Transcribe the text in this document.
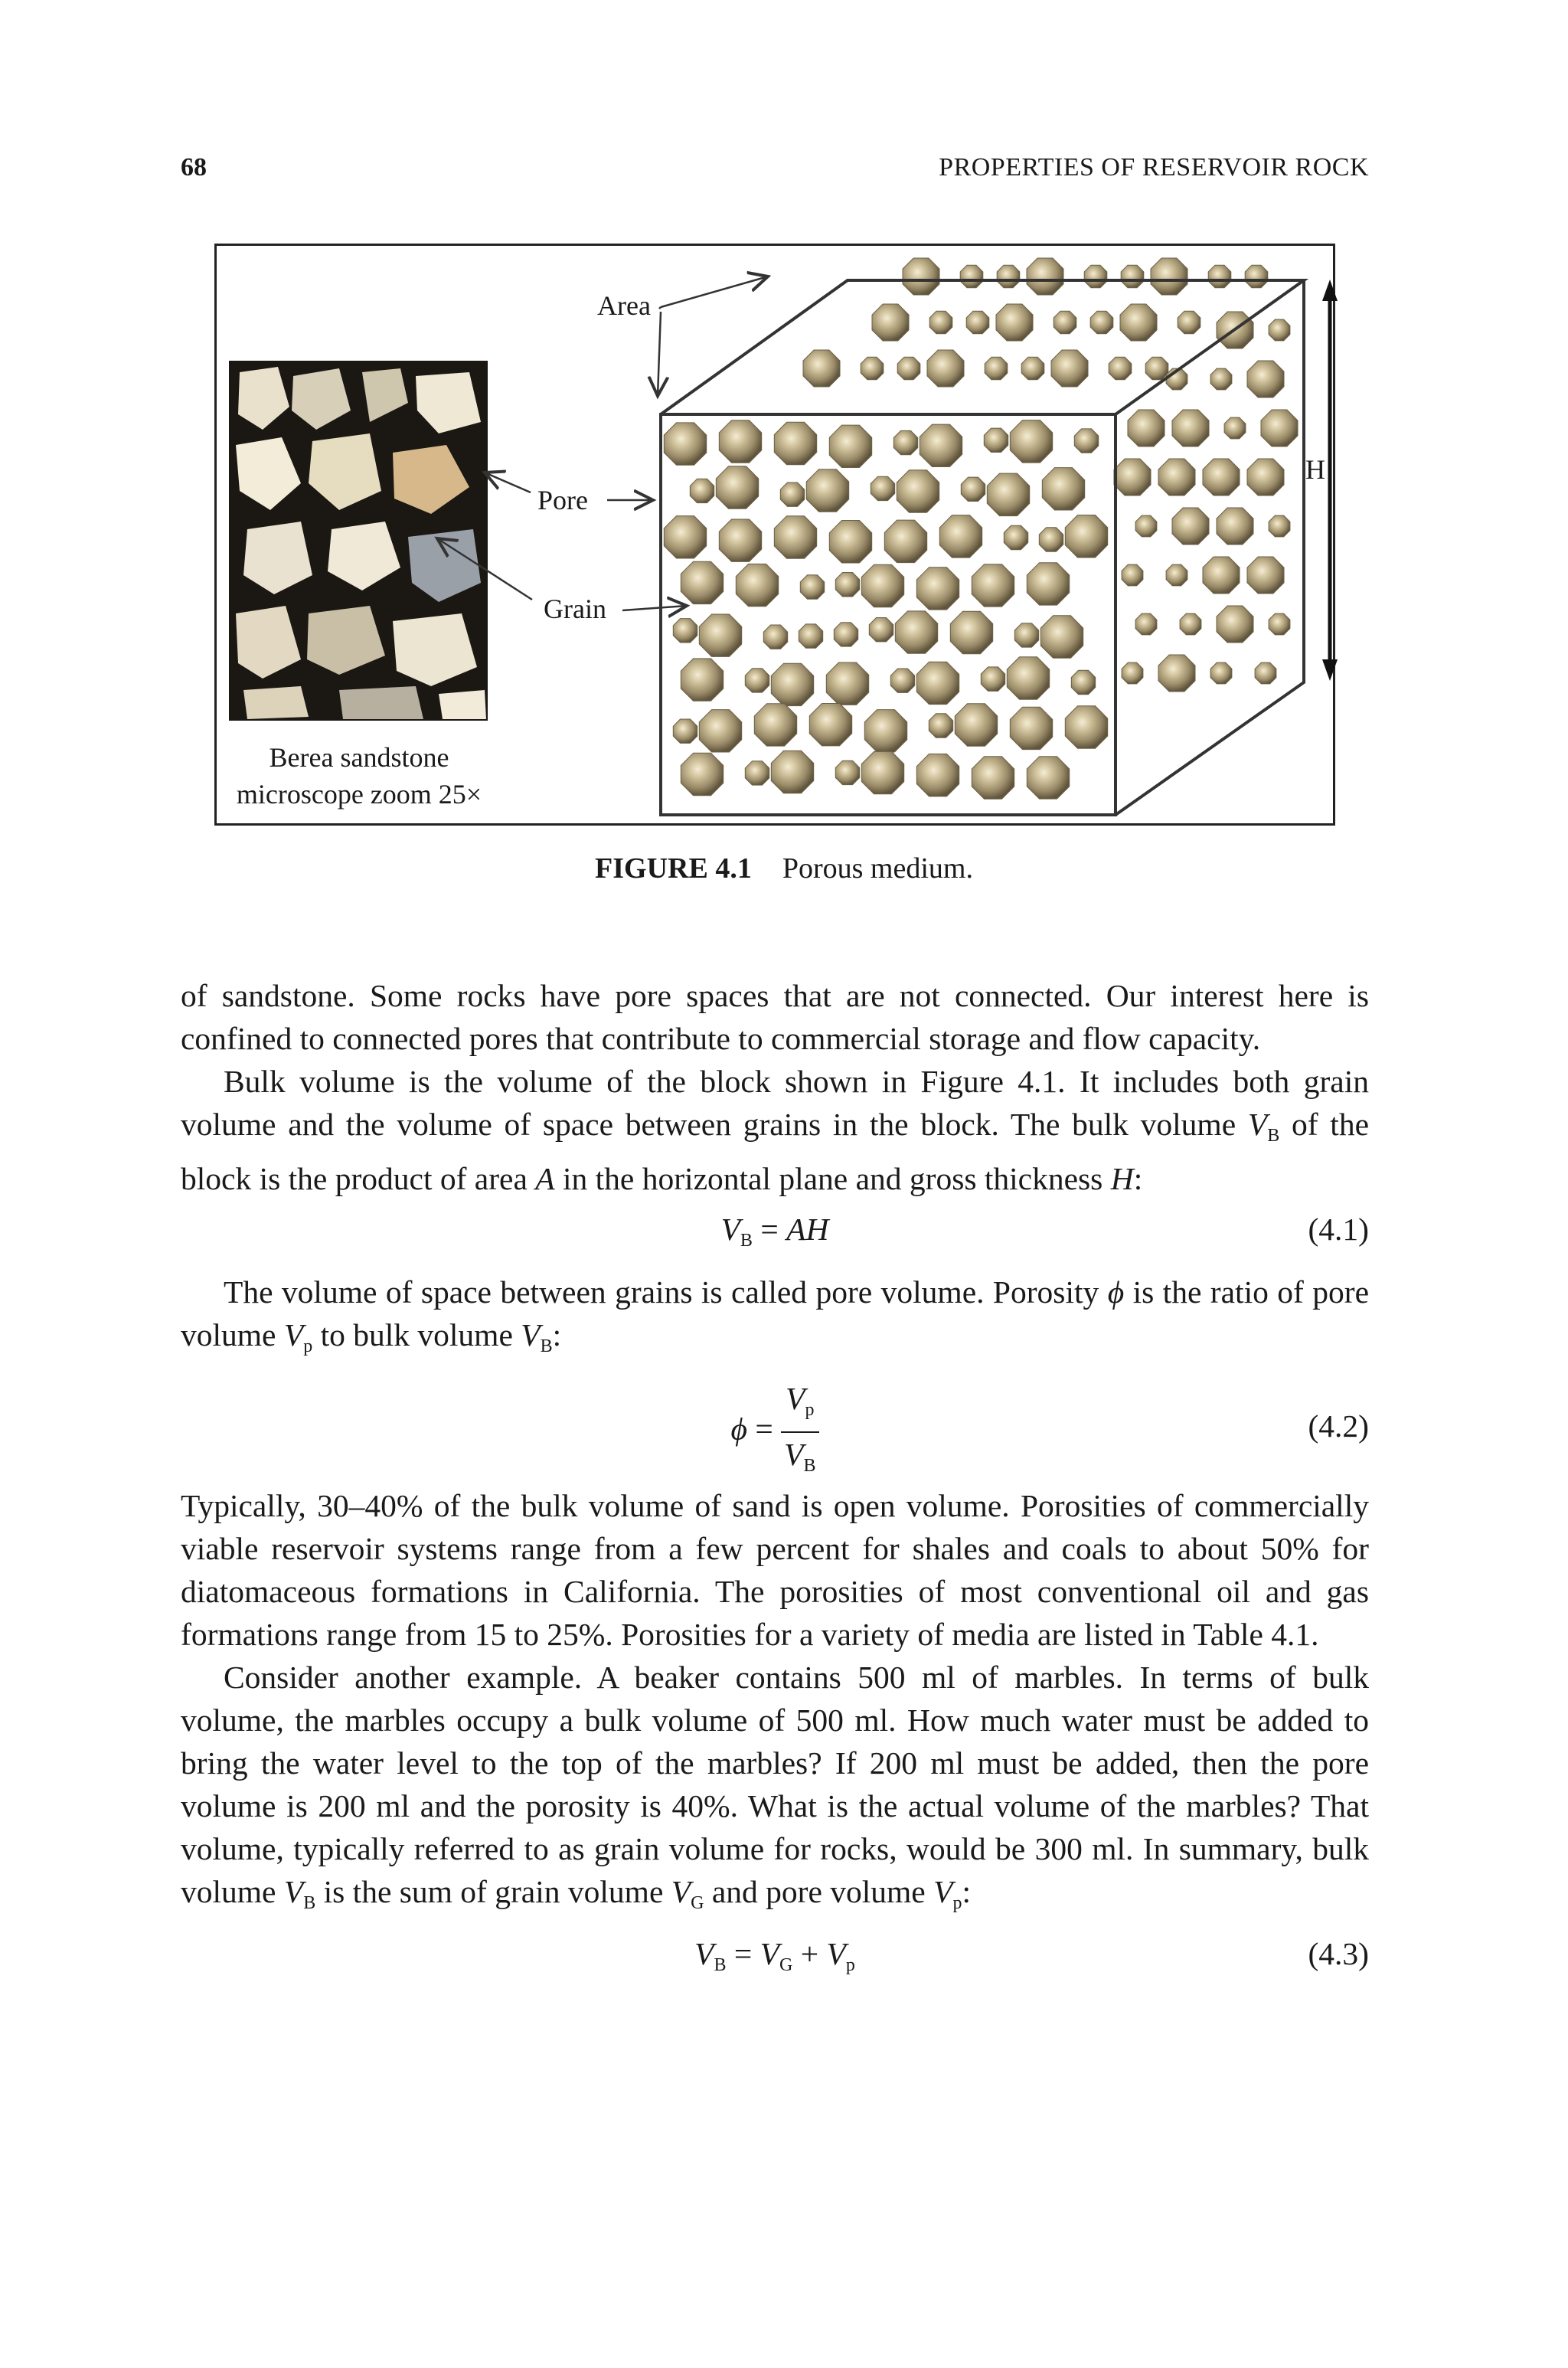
68	PROPERTIES OF RESERVOIR ROCK
Berea sandstone
microscope zoom 25×
H
Area
Pore
Grain
FIGURE 4.1 Porous medium.

of sandstone. Some rocks have pore spaces that are not connected. Our interest here is confined to connected pores that contribute to commercial storage and flow capacity.

Bulk volume is the volume of the block shown in Figure 4.1. It includes both grain volume and the volume of space between grains in the block. The bulk volume $V_B$ of the block is the product of area A in the horizontal plane and gross thickness H:

$V_B$ = AH	(4.1)

The volume of space between grains is called pore volume. Porosity ϕ is the ratio of pore volume $V_p$ to bulk volume $V_B$:

$\phi = \frac{V_p}{V_B}$	(4.2)

Typically, 30–40% of the bulk volume of sand is open volume. Porosities of commercially viable reservoir systems range from a few percent for shales and coals to about 50% for diatomaceous formations in California. The porosities of most conventional oil and gas formations range from 15 to 25%. Porosities for a variety of media are listed in Table 4.1.

Consider another example. A beaker contains 500 ml of marbles. In terms of bulk volume, the marbles occupy a bulk volume of 500 ml. How much water must be added to bring the water level to the top of the marbles? If 200 ml must be added, then the pore volume is 200 ml and the porosity is 40%. What is the actual volume of the marbles? That volume, typically referred to as grain volume for rocks, would be 300 ml. In summary, bulk volume $V_B$ is the sum of grain volume $V_G$ and pore volume $V_p$:

$V_B = V_G + V_p$	(4.3)
